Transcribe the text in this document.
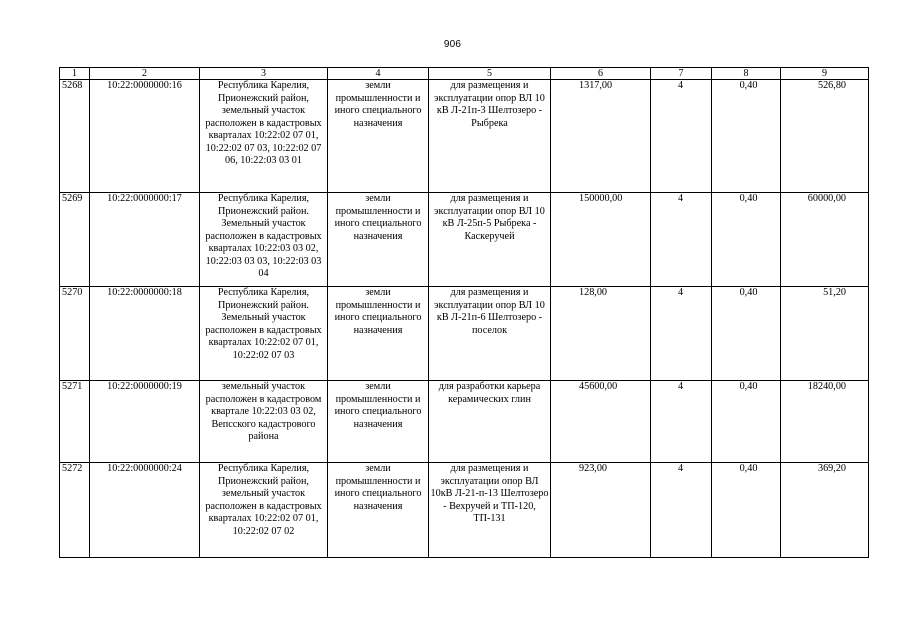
906
1	2	3	4	5	6	7	8	9
5268	10:22:0000000:16	Республика Карелия, Прионежский район, земельный участок расположен в кадастровых кварталах 10:22:02 07 01, 10:22:02 07 03, 10:22:02 07 06, 10:22:03 03 01	земли промышленности и иного специального назначения	для размещения и эксплуатации опор ВЛ 10 кВ Л-21п-3 Шелтозеро - Рыбрека	1317,00	4	0,40	526,80
5269	10:22:0000000:17	Республика Карелия, Прионежский район. Земельный участок расположен в кадастровых кварталах 10:22:03 03 02, 10:22:03 03 03, 10:22:03 03 04	земли промышленности и иного специального назначения	для размещения и эксплуатации опор ВЛ 10 кВ Л-25п-5 Рыбрека - Каскеручей	150000,00	4	0,40	60000,00
5270	10:22:0000000:18	Республика Карелия, Прионежский район. Земельный участок расположен в кадастровых кварталах 10:22:02 07 01, 10:22:02 07 03	земли промышленности и иного специального назначения	для размещения и эксплуатации опор ВЛ 10 кВ Л-21п-6 Шелтозеро - поселок	128,00	4	0,40	51,20
5271	10:22:0000000:19	земельный участок расположен в кадастровом квартале 10:22:03 03 02, Вепсского кадастрового района	земли промышленности и иного специального назначения	для разработки карьера керамических глин	45600,00	4	0,40	18240,00
5272	10:22:0000000:24	Республика Карелия, Прионежский район, земельный участок расположен в кадастровых кварталах 10:22:02 07 01, 10:22:02 07 02	земли промышленности и иного специального назначения	для размещения и эксплуатации опор ВЛ 10кВ Л-21-п-13 Шелтозеро - Вехручей и ТП-120, ТП-131	923,00	4	0,40	369,20
